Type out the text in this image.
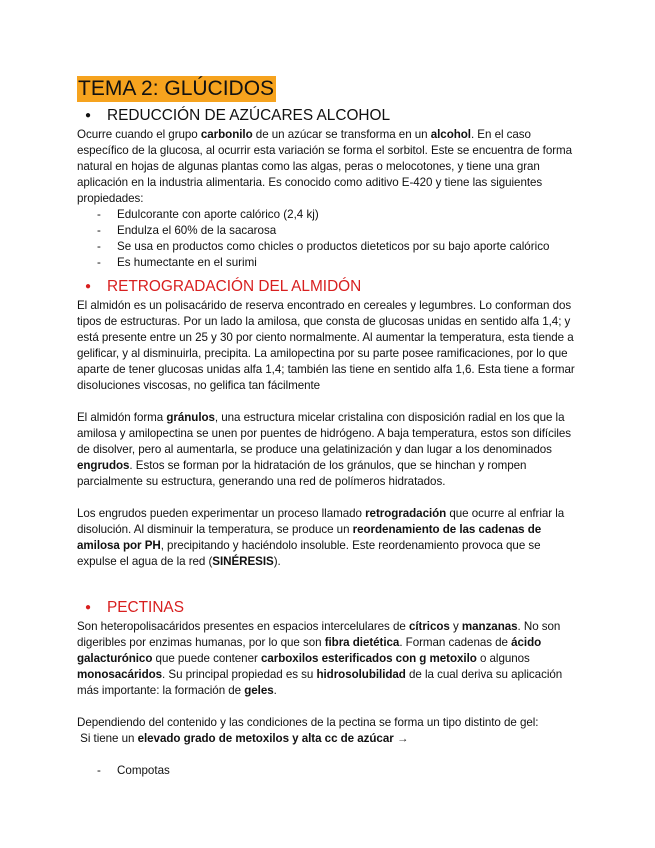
TEMA 2: GLÚCIDOS
●	REDUCCIÓN DE AZÚCARES ALCOHOL

Ocurre cuando el grupo carbonilo de un azúcar se transforma en un alcohol. En el caso específico de la glucosa, al ocurrir esta variación se forma el sorbitol. Este se encuentra de forma natural en hojas de algunas plantas como las algas, peras o melocotones, y tiene una gran aplicación en la industria alimentaria. Es conocido como aditivo E-420 y tiene las siguientes propiedades:

-	Edulcorante con aporte calórico (2,4 kj)
-	Endulza el 60% de la sacarosa
-	Se usa en productos como chicles o productos dieteticos por su bajo aporte calórico
-	Es humectante en el surimi
●	RETROGRADACIÓN DEL ALMIDÓN

El almidón es un polisacárido de reserva encontrado en cereales y legumbres. Lo conforman dos tipos de estructuras. Por un lado la amilosa, que consta de glucosas unidas en sentido alfa 1,4; y está presente entre un 25 y 30 por ciento normalmente. Al aumentar la temperatura, esta tiende a gelificar, y al disminuirla, precipita. La amilopectina por su parte posee ramificaciones, por lo que aparte de tener glucosas unidas alfa 1,4; también las tiene en sentido alfa 1,6. Esta tiene a formar disoluciones viscosas, no gelifica tan fácilmente

El almidón forma gránulos, una estructura micelar cristalina con disposición radial en los que la amilosa y amilopectina se unen por puentes de hidrógeno. A baja temperatura, estos son difíciles de disolver, pero al aumentarla, se produce una gelatinización y dan lugar a los denominados engrudos. Estos se forman por la hidratación de los gránulos, que se hinchan y rompen parcialmente su estructura, generando una red de polímeros hidratados.

Los engrudos pueden experimentar un proceso llamado retrogradación que ocurre al enfriar la disolución. Al disminuir la temperatura, se produce un reordenamiento de las cadenas de amilosa por PH, precipitando y haciéndolo insoluble. Este reordenamiento provoca que se expulse el agua de la red (SINÉRESIS).

●	PECTINAS

Son heteropolisacáridos presentes en espacios intercelulares de cítricos y manzanas. No son digeribles por enzimas humanas, por lo que son fibra dietética. Forman cadenas de ácido galacturónico que puede contener carboxilos esterificados con g metoxilo o algunos monosacáridos. Su principal propiedad es su hidrosolubilidad de la cual deriva su aplicación más importante: la formación de geles.

Dependiendo del contenido y las condiciones de la pectina se forma un tipo distinto de gel:

Si tiene un elevado grado de metoxilos y alta cc de azúcar →

-	Compotas
